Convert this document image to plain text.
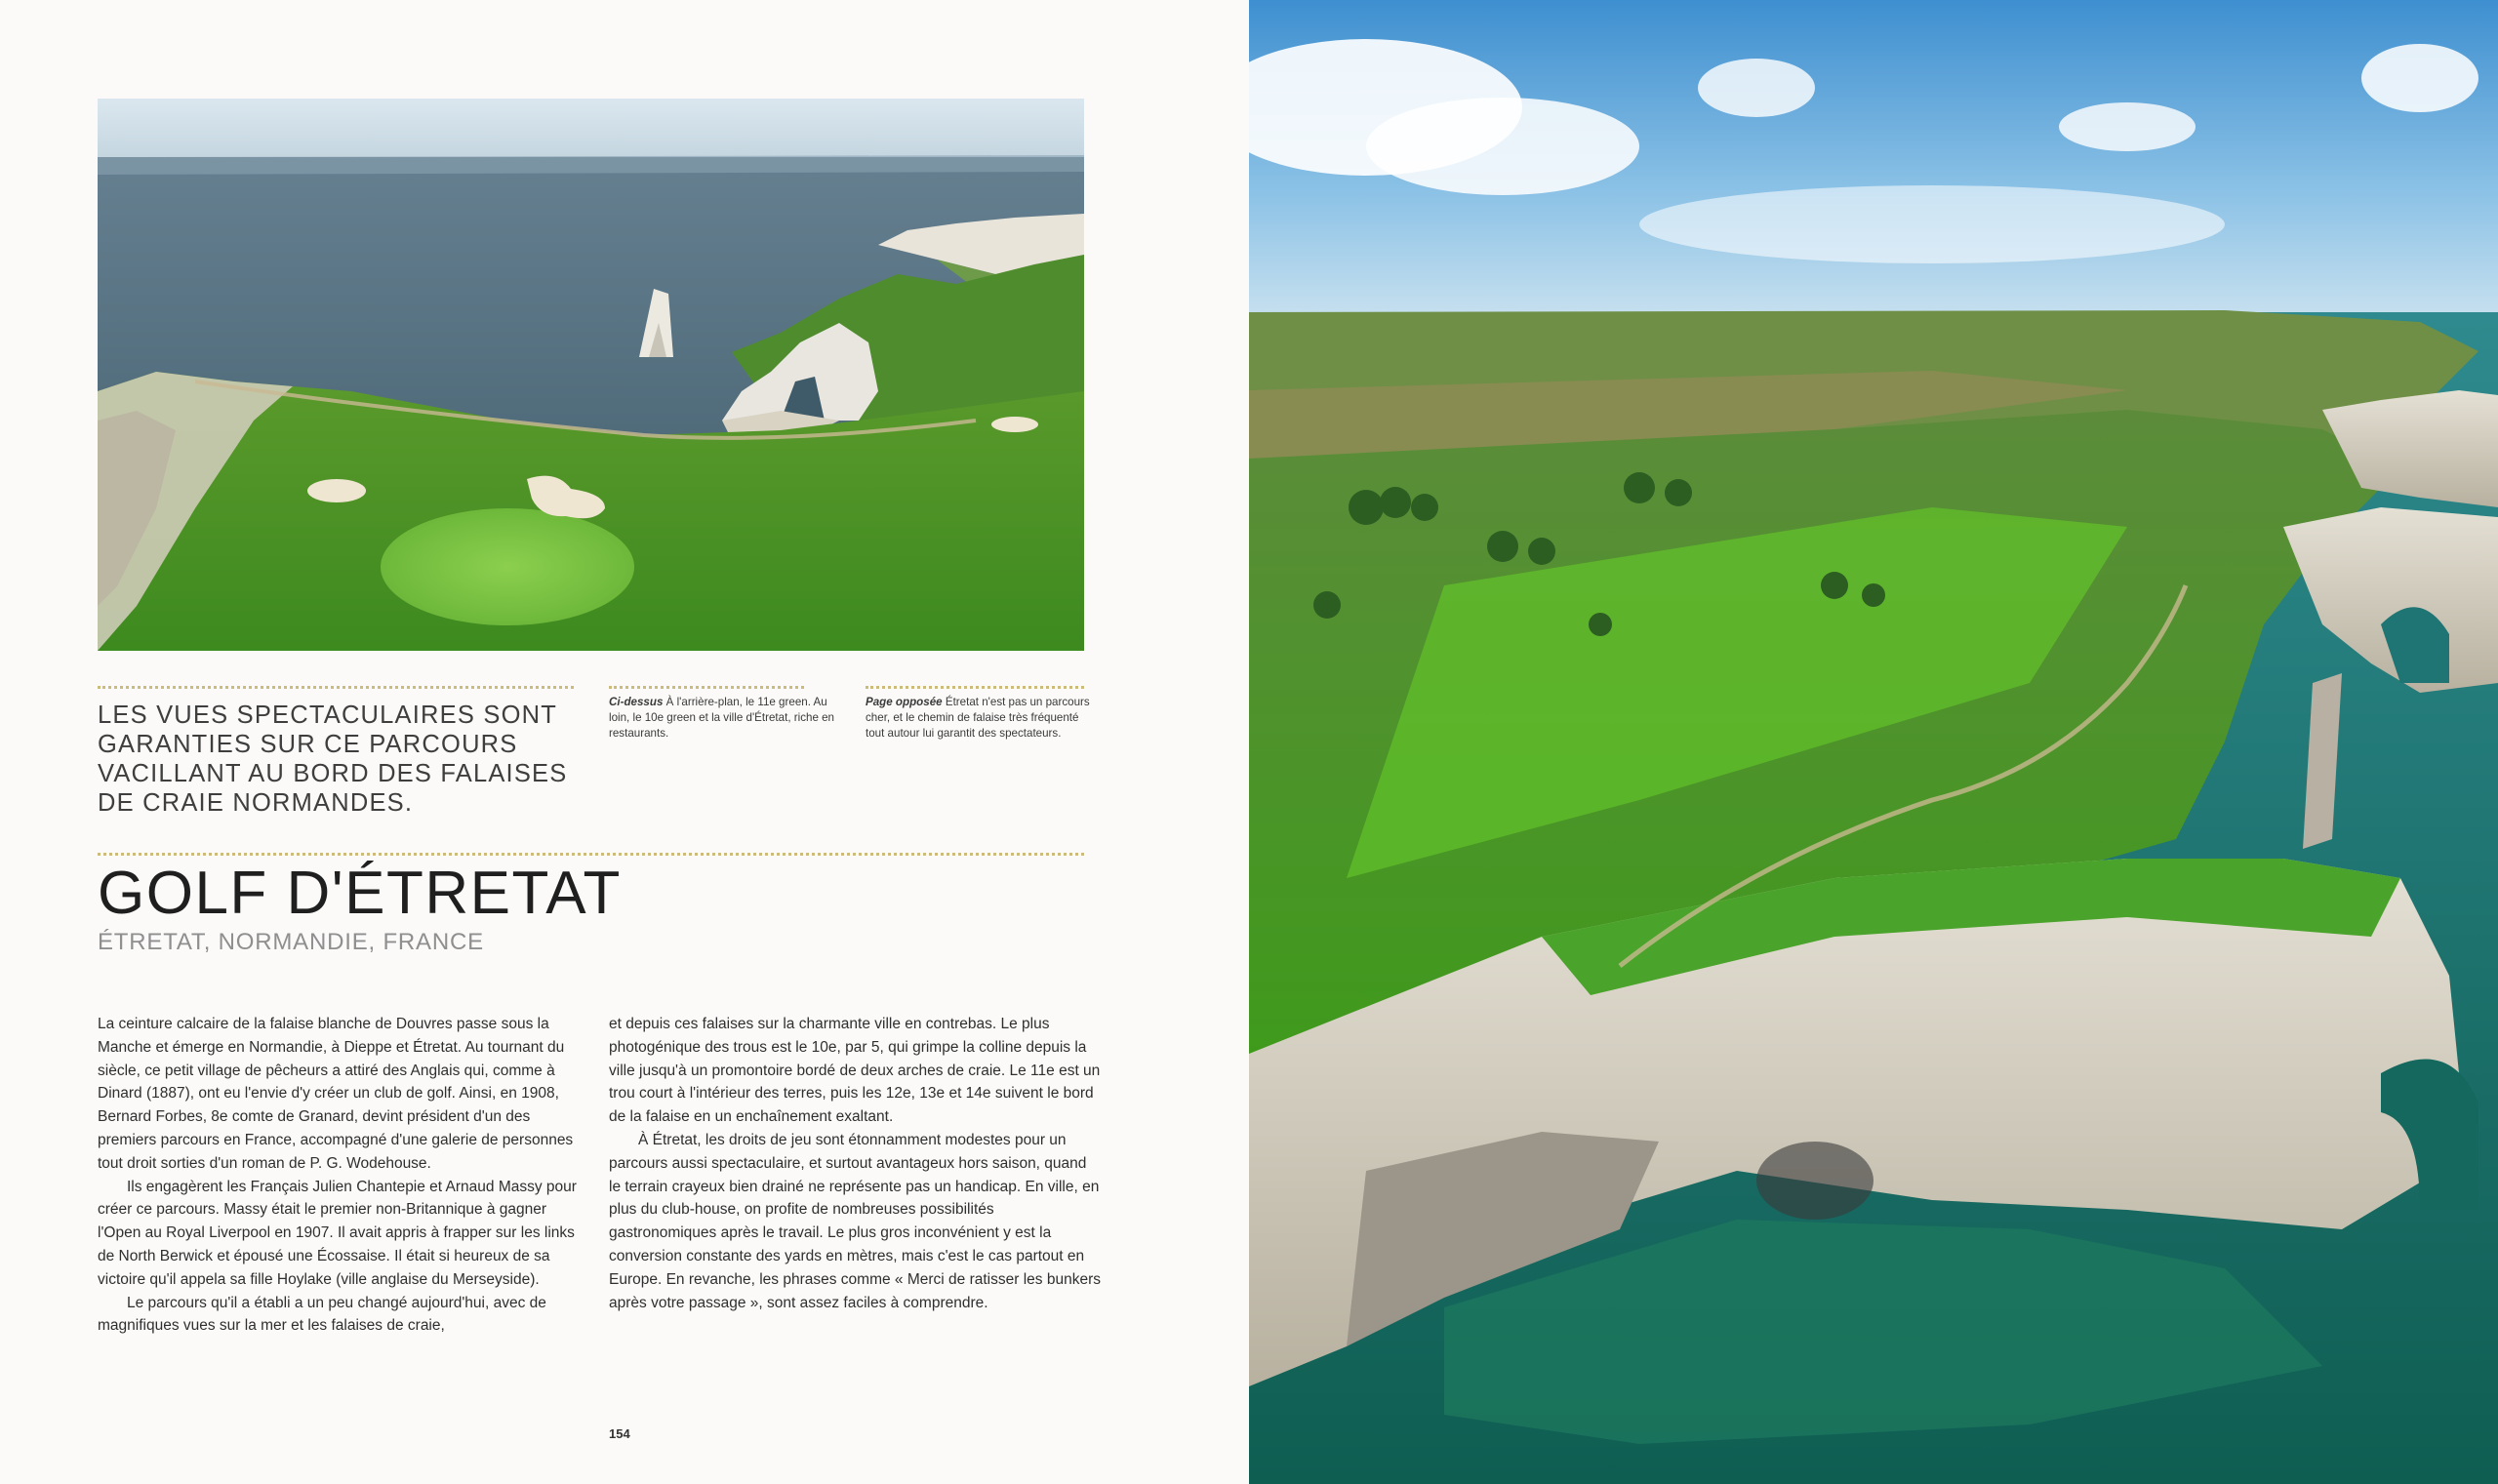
LES VUES SPECTACULAIRES SONT GARANTIES SUR CE PARCOURS VACILLANT AU BORD DES FALAISES DE CRAIE NORMANDES.

Ci-dessus À l'arrière-plan, le 11e green. Au loin, le 10e green et la ville d'Étretat, riche en restaurants.

Page opposée Étretat n'est pas un parcours cher, et le chemin de falaise très fréquenté tout autour lui garantit des spectateurs.

GOLF D'ÉTRETAT

ÉTRETAT, NORMANDIE, FRANCE

La ceinture calcaire de la falaise blanche de Douvres passe sous la Manche et émerge en Normandie, à Dieppe et Étretat. Au tournant du siècle, ce petit village de pêcheurs a attiré des Anglais qui, comme à Dinard (1887), ont eu l'envie d'y créer un club de golf. Ainsi, en 1908, Bernard Forbes, 8e comte de Granard, devint président d'un des premiers parcours en France, accompagné d'une galerie de personnes tout droit sorties d'un roman de P. G. Wodehouse.

Ils engagèrent les Français Julien Chantepie et Arnaud Massy pour créer ce parcours. Massy était le premier non-Britannique à gagner l'Open au Royal Liverpool en 1907. Il avait appris à frapper sur les links de North Berwick et épousé une Écossaise. Il était si heureux de sa victoire qu'il appela sa fille Hoylake (ville anglaise du Merseyside).

Le parcours qu'il a établi a un peu changé aujourd'hui, avec de magnifiques vues sur la mer et les falaises de craie,

et depuis ces falaises sur la charmante ville en contrebas. Le plus photogénique des trous est le 10e, par 5, qui grimpe la colline depuis la ville jusqu'à un promontoire bordé de deux arches de craie. Le 11e est un trou court à l'intérieur des terres, puis les 12e, 13e et 14e suivent le bord de la falaise en un enchaînement exaltant.

À Étretat, les droits de jeu sont étonnamment modestes pour un parcours aussi spectaculaire, et surtout avantageux hors saison, quand le terrain crayeux bien drainé ne représente pas un handicap. En ville, en plus du club-house, on profite de nombreuses possibilités gastronomiques après le travail. Le plus gros inconvénient y est la conversion constante des yards en mètres, mais c'est le cas partout en Europe. En revanche, les phrases comme « Merci de ratisser les bunkers après votre passage », sont assez faciles à comprendre.

154
